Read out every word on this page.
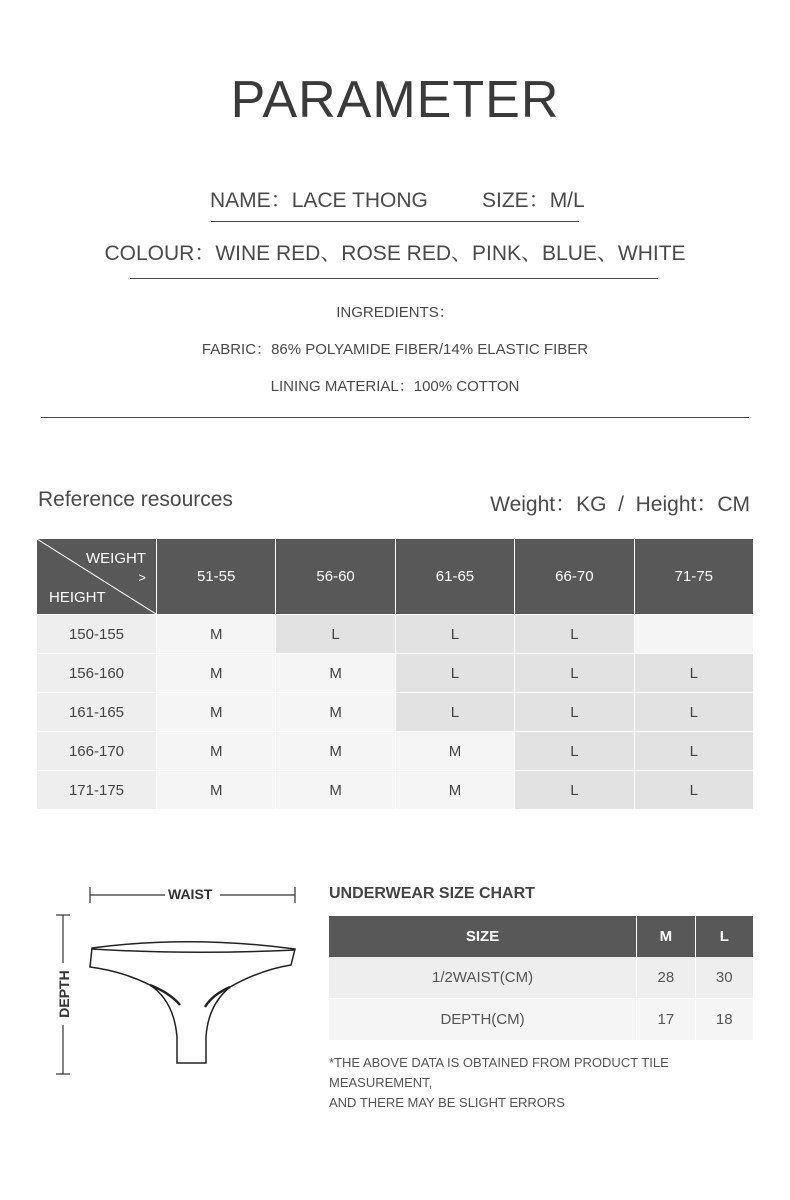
PARAMETER
NAME：LACE THONG	SIZE：M/L
COLOUR：WINE RED、ROSE RED、PINK、BLUE、WHITE
INGREDIENTS：
FABRIC：86% POLYAMIDE FIBER/14% ELASTIC FIBER
LINING MATERIAL：100% COTTON
Reference resources	Weight：KG  /  Height：CM
WEIGHT
>
HEIGHT	51-55	56-60	61-65	66-70	71-75
150-155	M	L	L	L	
156-160	M	M	L	L	L
161-165	M	M	L	L	L
166-170	M	M	M	L	L
171-175	M	M	M	L	L
WAIST
DEPTH
UNDERWEAR SIZE CHART
SIZE	M	L
1/2WAIST(CM)	28	30
DEPTH(CM)	17	18
*THE ABOVE DATA IS OBTAINED FROM PRODUCT TILE MEASUREMENT,
AND THERE MAY BE SLIGHT ERRORS
